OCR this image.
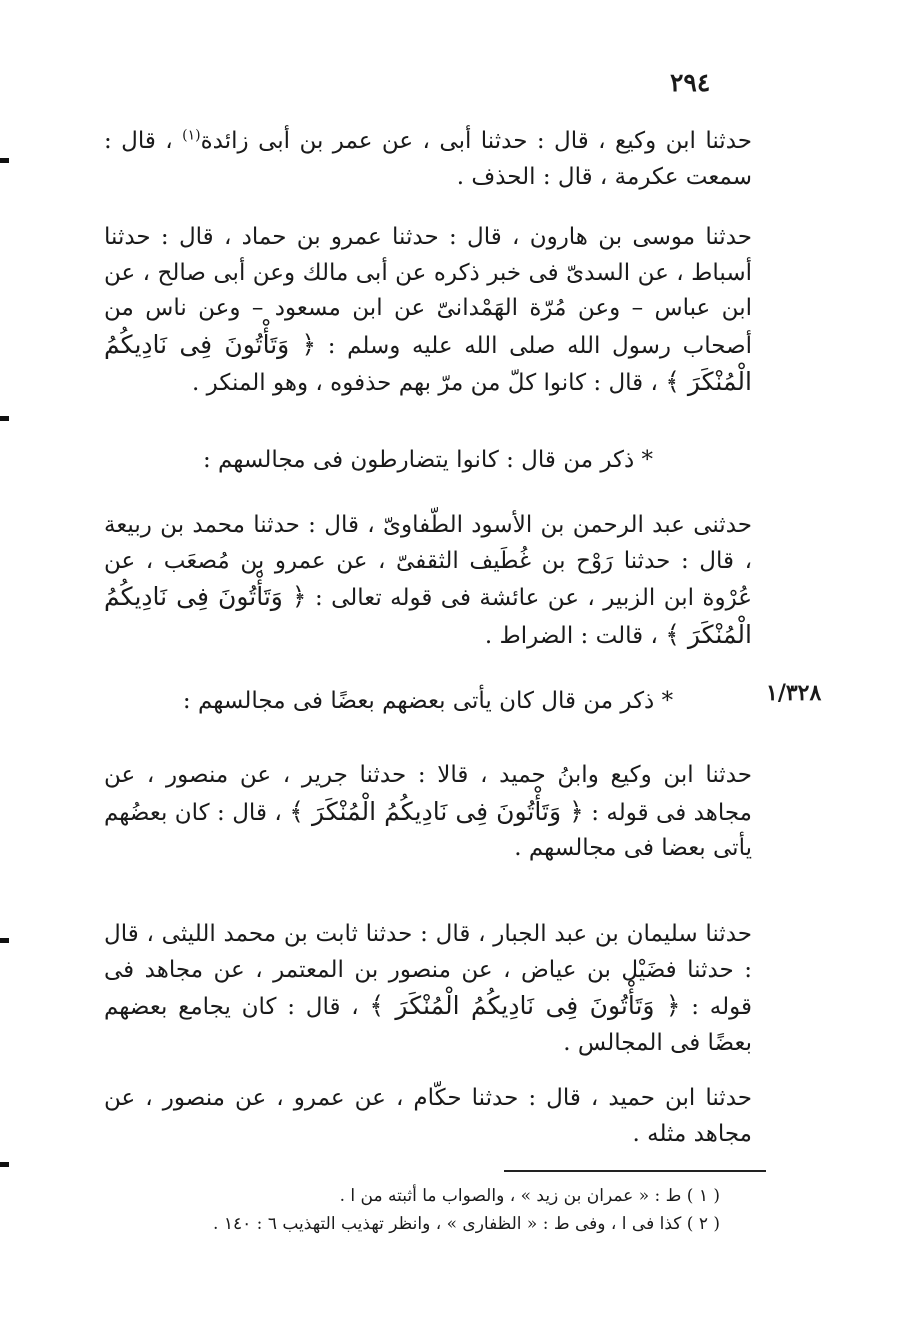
٢٩٤

حدثنا ابن وكيع ، قال : حدثنا أبى ، عن عمر بن أبى زائدة$^{(١)}$ ، قال : سمعت عكرمة ، قال : الحذف .

حدثنا موسى بن هارون ، قال : حدثنا عمرو بن حماد ، قال : حدثنا أسباط ، عن السدىّ فى خبر ذكره عن أبى مالك وعن أبى صالح ، عن ابن عباس – وعن مُرّة الهَمْدانىّ عن ابن مسعود – وعن ناس من أصحاب رسول الله صلى الله عليه وسلم : ﴿ وَتَأْتُونَ فِى نَادِيكُمُ الْمُنْكَرَ ﴾ ، قال : كانوا كلّ من مرّ بهم حذفوه ، وهو المنكر .

* ذكر من قال : كانوا يتضارطون فى مجالسهم :

حدثنى عبد الرحمن بن الأسود الطّفاوىّ ، قال : حدثنا محمد بن ربيعة ، قال : حدثنا رَوْح بن غُطَيف الثقفىّ ، عن عمرو بن مُصعَب ، عن عُرْوة ابن الزبير ، عن عائشة فى قوله تعالى : ﴿ وَتَأْتُونَ فِى نَادِيكُمُ الْمُنْكَرَ ﴾ ، قالت : الضراط .

١/٣٢٨

* ذكر من قال كان يأتى بعضهم بعضًا فى مجالسهم :

حدثنا ابن وكيع وابنُ حميد ، قالا : حدثنا جرير ، عن منصور ، عن مجاهد فى قوله : ﴿ وَتَأْتُونَ فِى نَادِيكُمُ الْمُنْكَرَ ﴾ ، قال : كان بعضُهم يأتى بعضا فى مجالسهم .

حدثنا سليمان بن عبد الجبار ، قال : حدثنا ثابت بن محمد الليثى ، قال : حدثنا فضَيْل بن عياض ، عن منصور بن المعتمر ، عن مجاهد فى قوله : ﴿ وَتَأْتُونَ فِى نَادِيكُمُ الْمُنْكَرَ ﴾ ، قال : كان يجامع بعضهم بعضًا فى المجالس .

حدثنا ابن حميد ، قال : حدثنا حكّام ، عن عمرو ، عن منصور ، عن مجاهد مثله .

( ١ ) ط : « عمران بن زيد » ، والصواب ما أثبته من ا .

( ٢ ) كذا فى ا ، وفى ط : « الظفارى » ، وانظر تهذيب التهذيب ٦ : ١٤٠ .
